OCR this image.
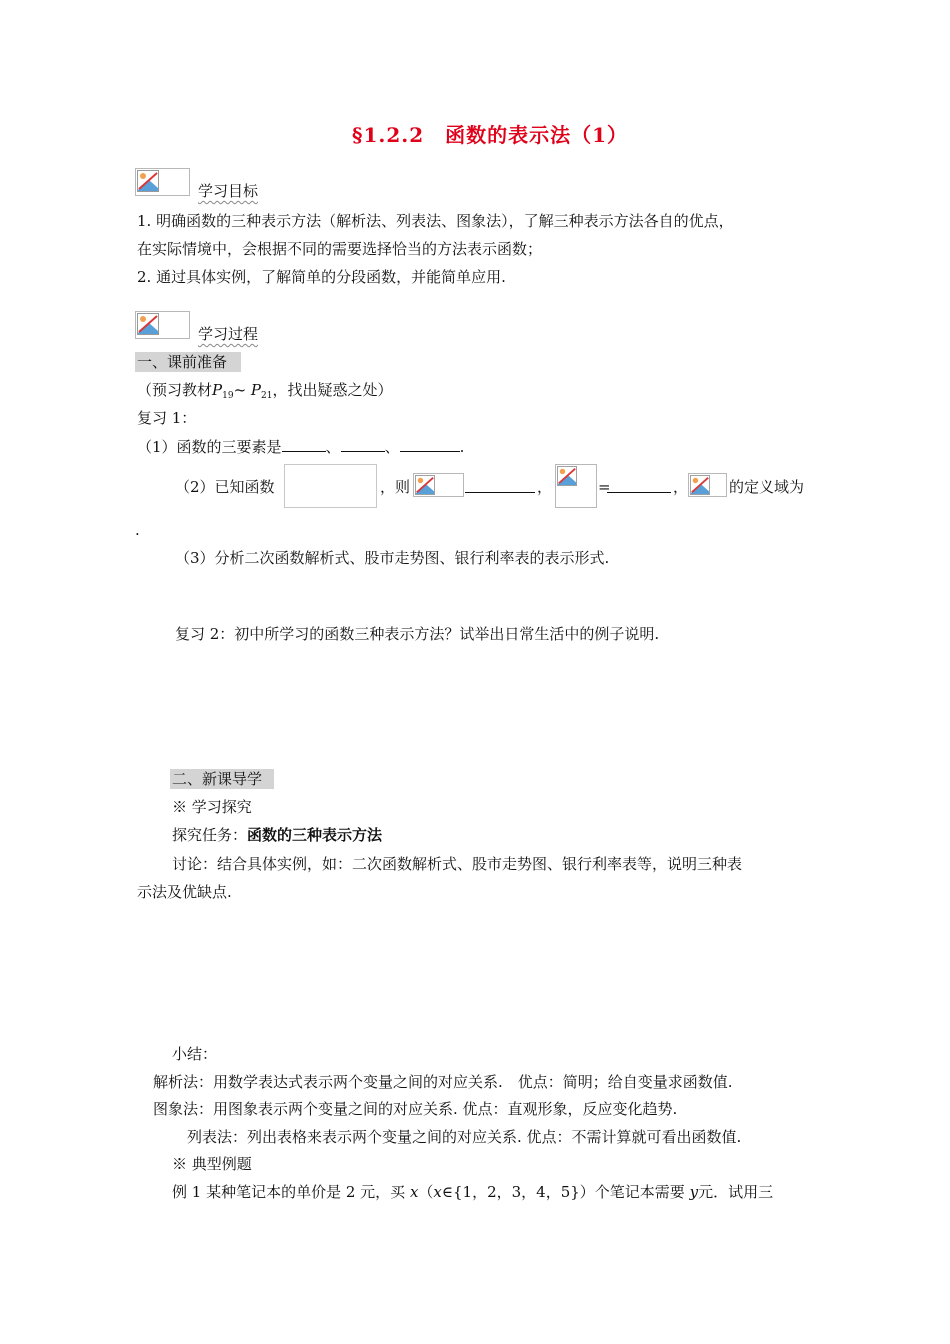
§1.2.2　函数的表示法（1）
学习目标
1. 明确函数的三种表示方法（解析法、列表法、图象法），了解三种表示方法各自的优点，
在实际情境中，会根据不同的需要选择恰当的方法表示函数；
2. 通过具体实例，了解简单的分段函数，并能简单应用.
学习过程
一、课前准备
（预习教材$P_{19}\sim$ $P_{21}$，找出疑惑之处）
复习 1：
（1）函数的三要素是	、	、	.
（2）已知函数	，则	，	=	，	的定义域为
.
（3）分析二次函数解析式、股市走势图、银行利率表的表示形式.
复习 2：初中所学习的函数三种表示方法？试举出日常生活中的例子说明.
二、新课导学
※ 学习探究
探究任务：函数的三种表示方法
讨论：结合具体实例，如：二次函数解析式、股市走势图、银行利率表等，说明三种表
示法及优缺点.
小结：
解析法：用数学表达式表示两个变量之间的对应关系.　优点：简明；给自变量求函数值.
图象法：用图象表示两个变量之间的对应关系. 优点：直观形象，反应变化趋势.
列表法：列出表格来表示两个变量之间的对应关系. 优点：不需计算就可看出函数值.
※ 典型例题
例 1 某种笔记本的单价是 2 元，买 x（x∈{1，2，3，4，5}）个笔记本需要 y元．试用三
